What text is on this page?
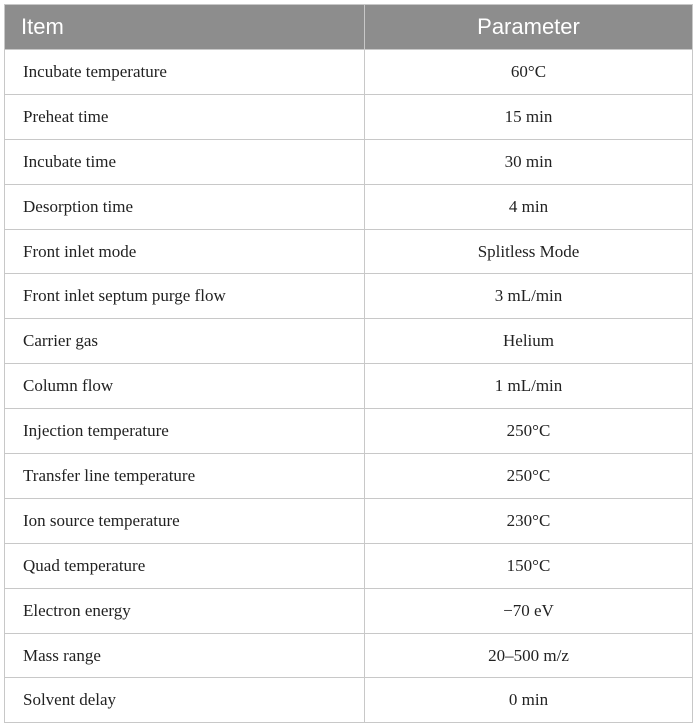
Item	Parameter
Incubate temperature	60°C
Preheat time	15 min
Incubate time	30 min
Desorption time	4 min
Front inlet mode	Splitless Mode
Front inlet septum purge flow	3 mL/min
Carrier gas	Helium
Column flow	1 mL/min
Injection temperature	250°C
Transfer line temperature	250°C
Ion source temperature	230°C
Quad temperature	150°C
Electron energy	−70 eV
Mass range	20–500 m/z
Solvent delay	0 min
